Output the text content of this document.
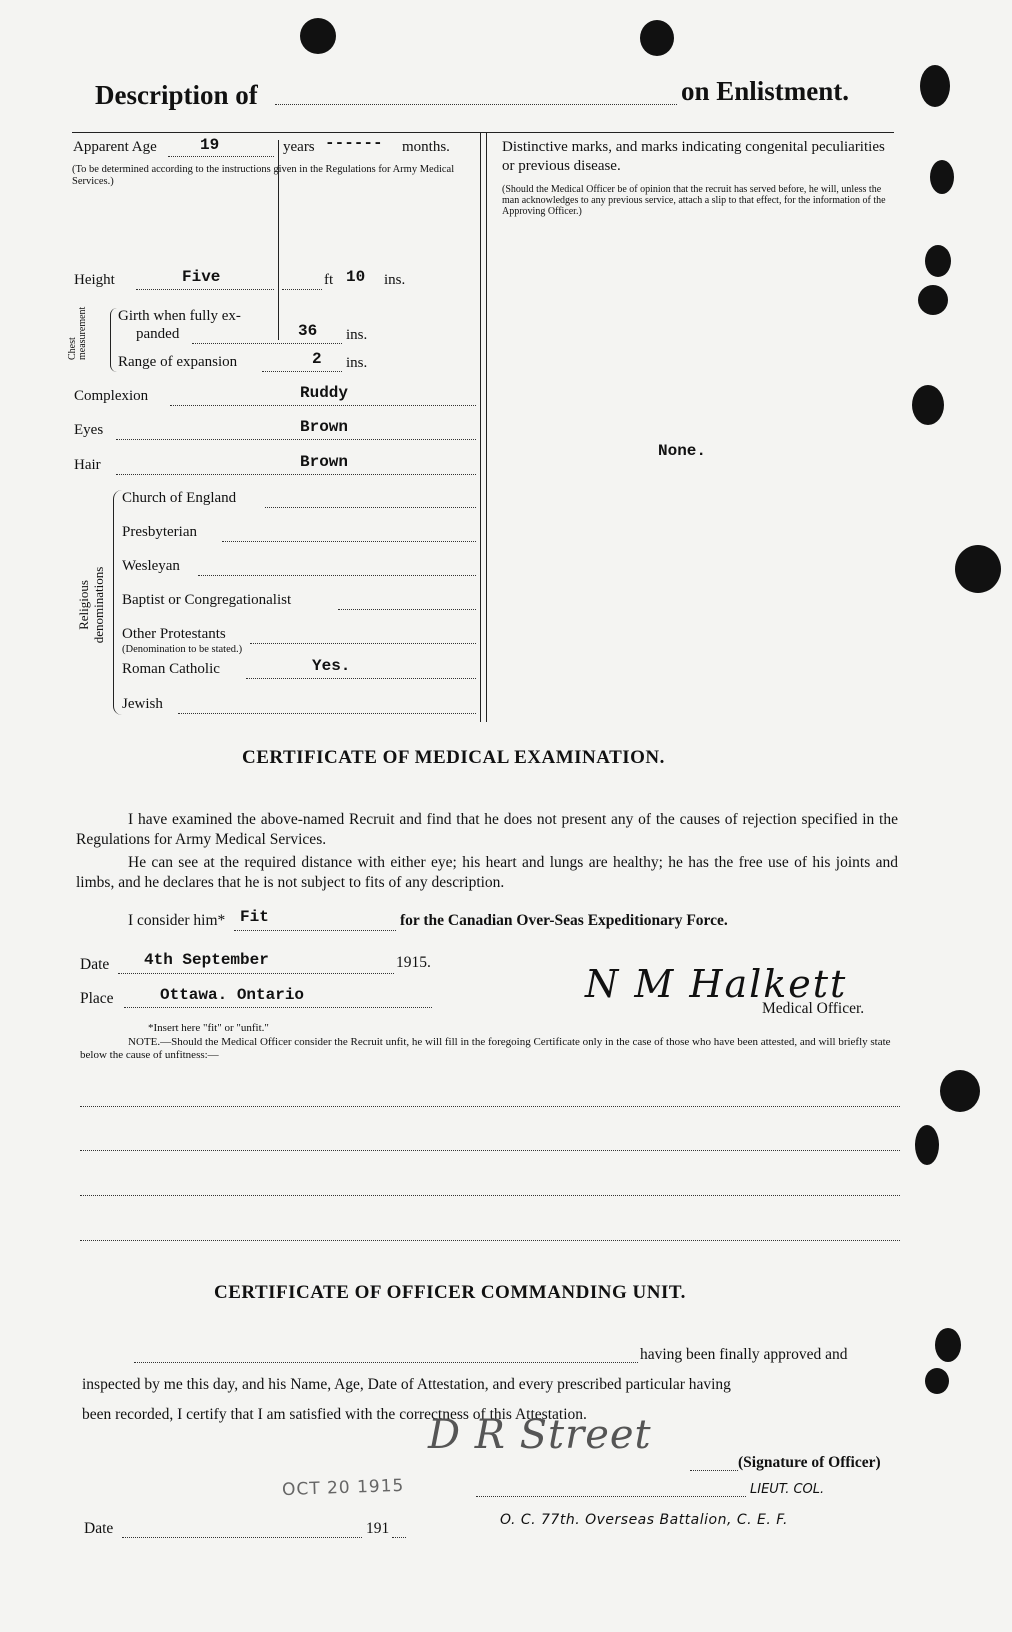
Description of	on Enlistment.
Apparent Age	19	years ------ months.
(To be determined according to the instructions given in the Regulations for Army Medical Services.)
Height	Five	ft 10 ins.
Chest measurement Girth when fully ex-
panded	36 ins.
Range of expansion	2 ins.
Complexion	Ruddy
Eyes	Brown
Hair	Brown
Religious denominations
Church of England
Presbyterian
Wesleyan
Baptist or Congregationalist
Other Protestants
(Denomination to be stated.)
Roman Catholic	Yes.
Jewish
Distinctive marks, and marks indicating congenital peculiarities or previous disease.
(Should the Medical Officer be of opinion that the recruit has served before, he will, unless the man acknowledges to any previous service, attach a slip to that effect, for the information of the Approving Officer.)
None.
CERTIFICATE OF MEDICAL EXAMINATION.
I have examined the above-named Recruit and find that he does not present any of the causes of rejection specified in the Regulations for Army Medical Services.
He can see at the required distance with either eye; his heart and lungs are healthy; he has the free use of his joints and limbs, and he declares that he is not subject to fits of any description.
I consider him* Fit	for the Canadian Over-Seas Expeditionary Force.
Date 4th September	1915.
Place	Ottawa. Ontario	N M Halkett
Medical Officer.
*Insert here "fit" or "unfit."
NOTE.—Should the Medical Officer consider the Recruit unfit, he will fill in the foregoing Certificate only in the case of those who have been attested, and will briefly state below the cause of unfitness:—
CERTIFICATE OF OFFICER COMMANDING UNIT.
having been finally approved and
inspected by me this day, and his Name, Age, Date of Attestation, and every prescribed particular having
been recorded, I certify that I am satisfied with the correctness of this Attestation.
D R Street
(Signature of Officer)
OCT 20 1915	LIEUT. COL.
O. C. 77th. Overseas Battalion, C. E. F.
Date	191
